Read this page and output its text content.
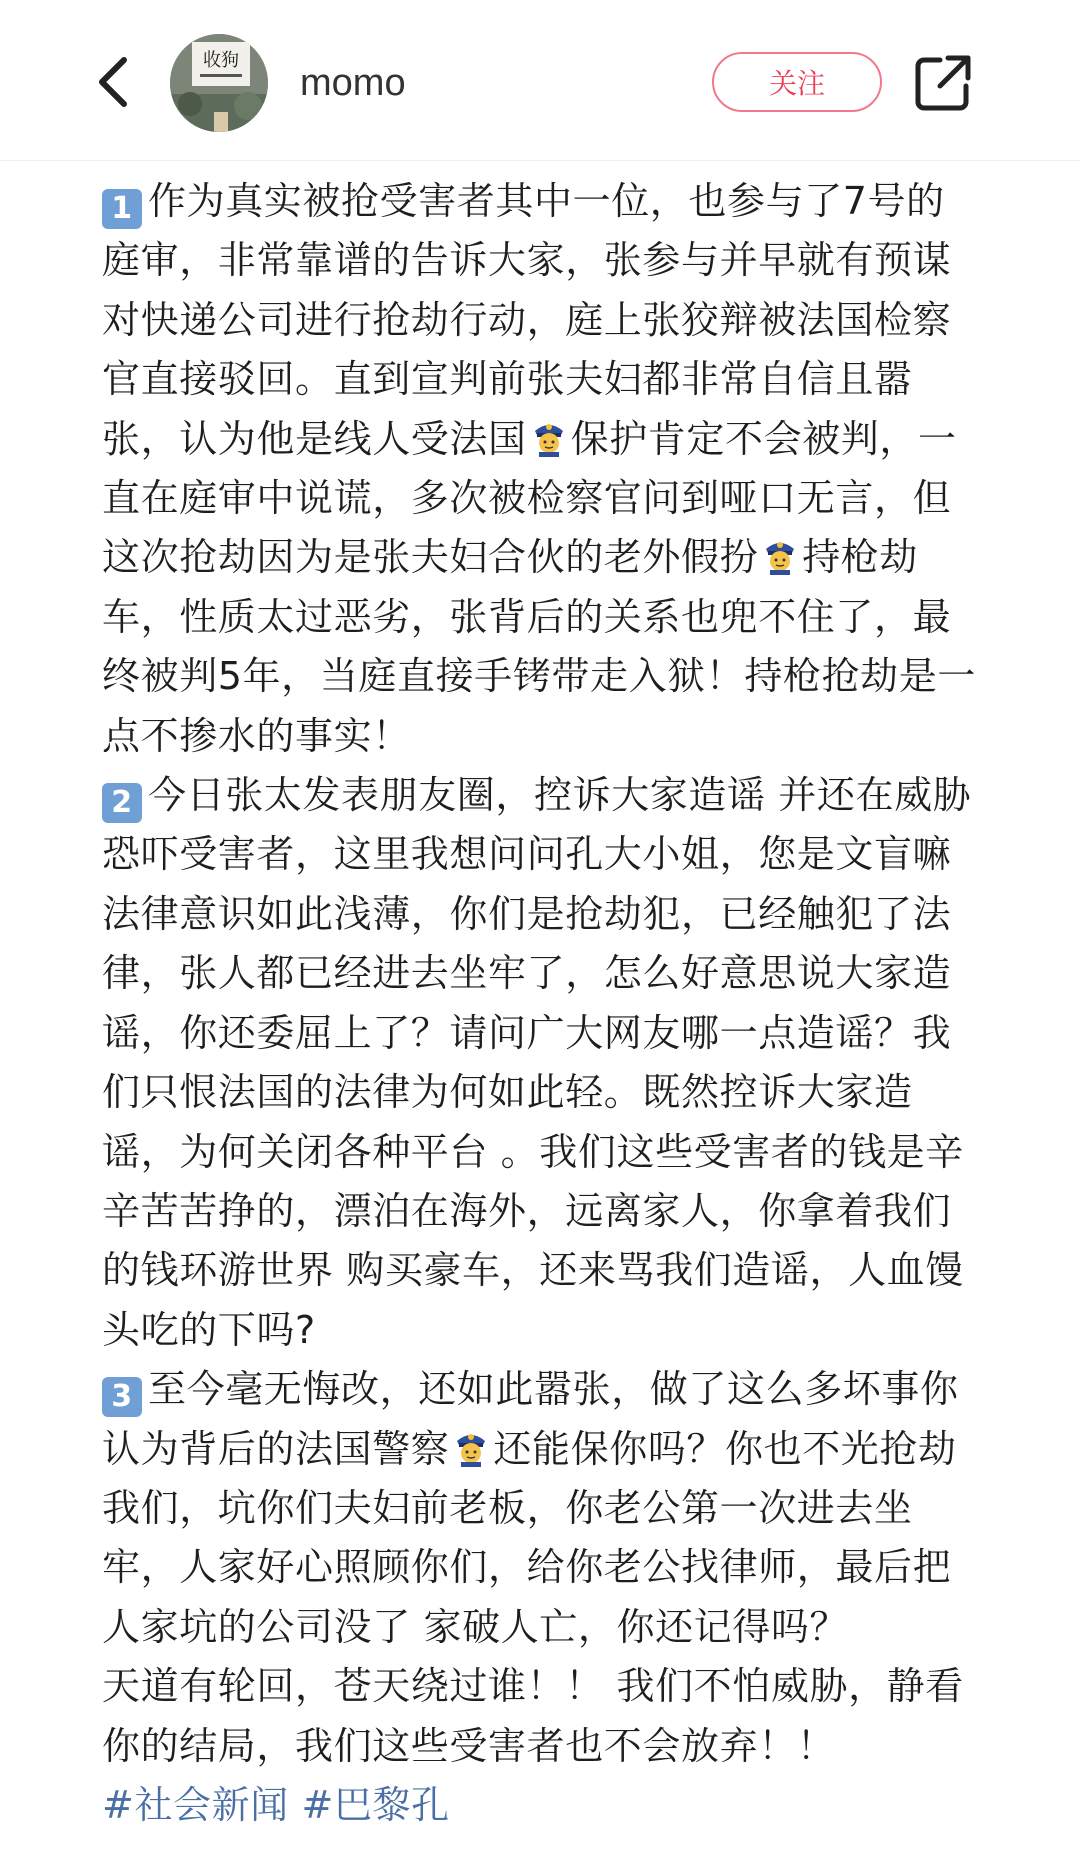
收狗
momo	关注

1 作为真实被抢受害者其中一位，也参与了7号的庭审，非常靠谱的告诉大家，张参与并早就有预谋对快递公司进行抢劫行动，庭上张狡辩被法国检察官直接驳回。直到宣判前张夫妇都非常自信且嚣张，认为他是线人受法国 保护肯定不会被判，一直在庭审中说谎，多次被检察官问到哑口无言，但这次抢劫因为是张夫妇合伙的老外假扮 持枪劫车，性质太过恶劣，张背后的关系也兜不住了，最终被判5年，当庭直接手铐带走入狱！持枪抢劫是一点不掺水的事实！

2 今日张太发表朋友圈，控诉大家造谣 并还在威胁恐吓受害者，这里我想问问孔大小姐，您是文盲嘛 法律意识如此浅薄，你们是抢劫犯，已经触犯了法律，张人都已经进去坐牢了，怎么好意思说大家造谣，你还委屈上了？请问广大网友哪一点造谣？我们只恨法国的法律为何如此轻。既然控诉大家造谣，为何关闭各种平台 。我们这些受害者的钱是辛辛苦苦挣的，漂泊在海外，远离家人，你拿着我们的钱环游世界 购买豪车，还来骂我们造谣，人血馒头吃的下吗?

3 至今毫无悔改，还如此嚣张，做了这么多坏事你认为背后的法国警察 还能保你吗？你也不光抢劫 我们，坑你们夫妇前老板，你老公第一次进去坐牢，人家好心照顾你们，给你老公找律师，最后把人家坑的公司没了 家破人亡，你还记得吗？

天道有轮回，苍天绕过谁！！ 我们不怕威胁，静看你的结局，我们这些受害者也不会放弃！！

#社会新闻 #巴黎孔
